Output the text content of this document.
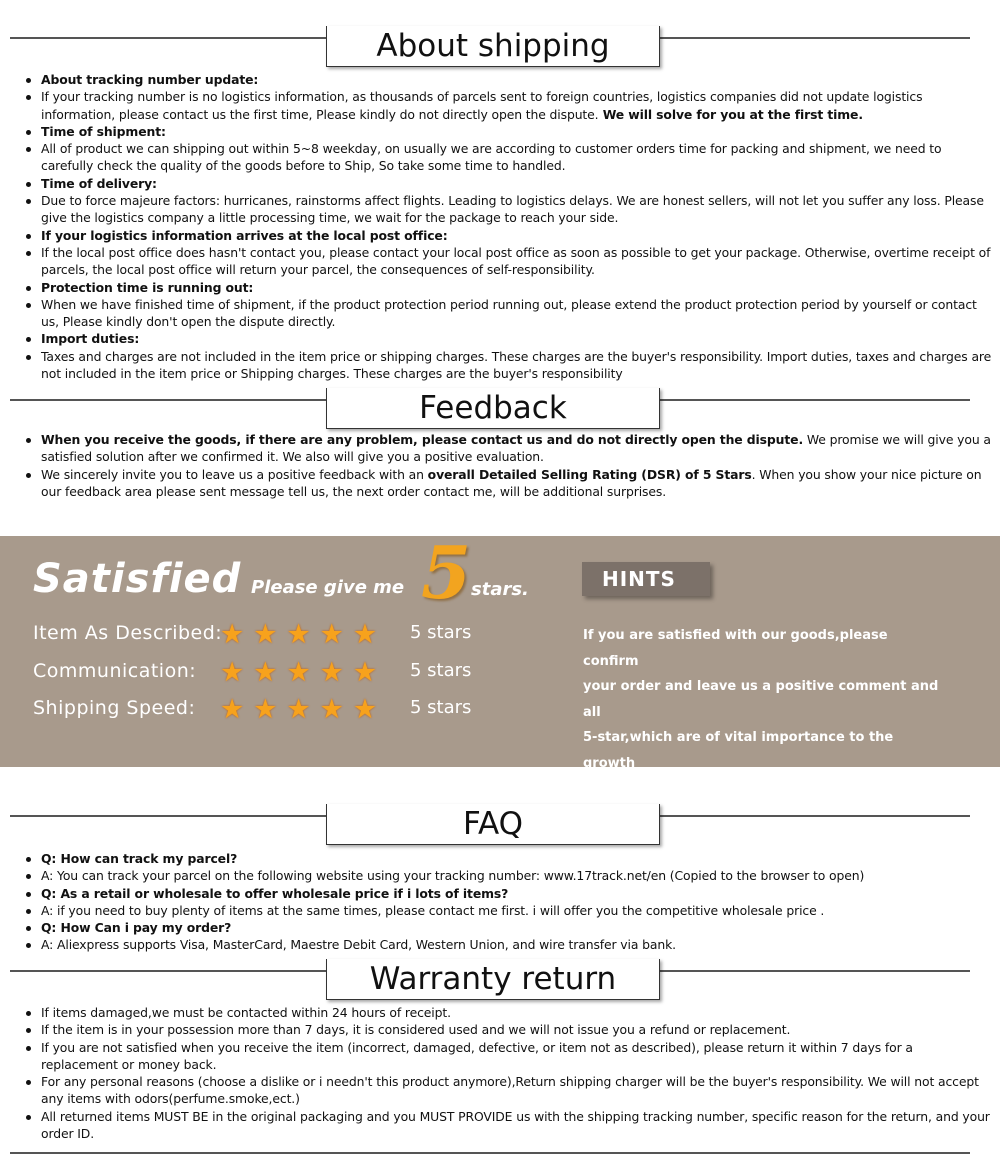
About shipping
About tracking number update:
If your tracking number is no logistics information, as thousands of parcels sent to foreign countries, logistics companies did not update logistics information, please contact us the first time, Please kindly do not directly open the dispute. We will solve for you at the first time.
Time of shipment:
All of product we can shipping out within 5~8 weekday, on usually we are according to customer orders time for packing and shipment, we need to carefully check the quality of the goods before to Ship, So take some time to handled.
Time of delivery:
Due to force majeure factors: hurricanes, rainstorms affect flights. Leading to logistics delays. We are honest sellers, will not let you suffer any loss. Please give the logistics company a little processing time, we wait for the package to reach your side.
If your logistics information arrives at the local post office:
If the local post office does hasn't contact you, please contact your local post office as soon as possible to get your package. Otherwise, overtime receipt of parcels, the local post office will return your parcel, the consequences of self-responsibility.
Protection time is running out:
When we have finished time of shipment, if the product protection period running out, please extend the product protection period by yourself or contact us, Please kindly don't open the dispute directly.
Import duties:
Taxes and charges are not included in the item price or shipping charges. These charges are the buyer's responsibility. Import duties, taxes and charges are not included in the item price or Shipping charges. These charges are the buyer's responsibility
Feedback
When you receive the goods, if there are any problem, please contact us and do not directly open the dispute. We promise we will give you a satisfied solution after we confirmed it. We also will give you a positive evaluation.
We sincerely invite you to leave us a positive feedback with an overall Detailed Selling Rating (DSR) of 5 Stars. When you show your nice picture on our feedback area please sent message tell us, the next order contact me, will be additional surprises.
Satisfied Please give me 5 stars.
Item As Described:
★ ★ ★ ★ ★ 5 stars
Communication: ★ ★ ★ ★ ★ 5 stars
Shipping Speed: ★ ★ ★ ★ ★ 5 stars
HINTS
If you are satisfied with our goods,please confirm
your order and leave us a positive comment and all
5-star,which are of vital importance to the growth
of our company.Thank you in advance!
FAQ
Q: How can track my parcel?
A: You can track your parcel on the following website using your tracking number: www.17track.net/en (Copied to the browser to open)
Q: As a retail or wholesale to offer wholesale price if i lots of items?
A: if you need to buy plenty of items at the same times, please contact me first. i will offer you the competitive wholesale price .
Q: How Can i pay my order?
A: Aliexpress supports Visa, MasterCard, Maestre Debit Card, Western Union, and wire transfer via bank.
Warranty return
If items damaged,we must be contacted within 24 hours of receipt.
If the item is in your possession more than 7 days, it is considered used and we will not issue you a refund or replacement.
If you are not satisfied when you receive the item (incorrect, damaged, defective, or item not as described), please return it within 7 days for a replacement or money back.
For any personal reasons (choose a dislike or i needn't this product anymore),Return shipping charger will be the buyer's responsibility. We will not accept any items with odors(perfume.smoke,ect.)
All returned items MUST BE in the original packaging and you MUST PROVIDE us with the shipping tracking number, specific reason for the return, and your order ID.
